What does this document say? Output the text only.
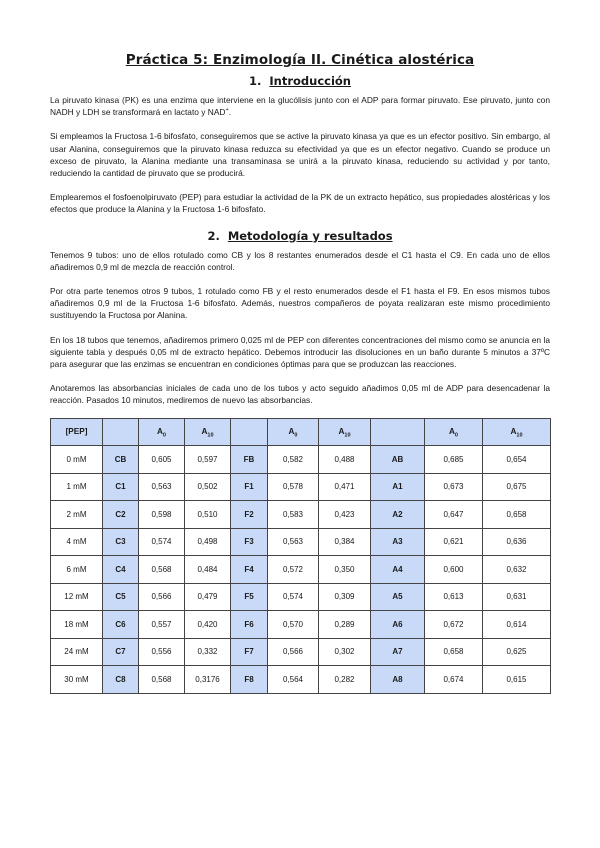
Práctica 5: Enzimología II. Cinética alostérica
1. Introducción

La piruvato kinasa (PK) es una enzima que interviene en la glucólisis junto con el ADP para formar piruvato. Ese piruvato, junto con NADH y LDH se transformará en lactato y NAD+.

Si empleamos la Fructosa 1-6 bifosfato, conseguiremos que se active la piruvato kinasa ya que es un efector positivo. Sin embargo, al usar Alanina, conseguiremos que la piruvato kinasa reduzca su efectividad ya que es un efector negativo. Cuando se produce un exceso de piruvato, la Alanina mediante una transaminasa se unirá a la piruvato kinasa, reduciendo su actividad y por tanto, reduciendo la cantidad de piruvato que se producirá.

Emplearemos el fosfoenolpiruvato (PEP) para estudiar la actividad de la PK de un extracto hepático, sus propiedades alostéricas y los efectos que produce la Alanina y la Fructosa 1-6 bifosfato.

2. Metodología y resultados

Tenemos 9 tubos: uno de ellos rotulado como CB y los 8 restantes enumerados desde el C1 hasta el C9. En cada uno de ellos añadiremos 0,9 ml de mezcla de reacción control.

Por otra parte tenemos otros 9 tubos, 1 rotulado como FB y el resto enumerados desde el F1 hasta el F9. En esos mismos tubos añadiremos 0,9 ml de la Fructosa 1-6 bifosfato. Además, nuestros compañeros de poyata realizaran este mismo procedimiento sustituyendo la Fructosa por Alanina.

En los 18 tubos que tenemos, añadiremos primero 0,025 ml de PEP con diferentes concentraciones del mismo como se anuncia en la siguiente tabla y después 0,05 ml de extracto hepático. Debemos introducir las disoluciones en un baño durante 5 minutos a 37ºC para asegurar que las enzimas se encuentran en condiciones óptimas para que se produzcan las reacciones.

Anotaremos las absorbancias iniciales de cada uno de los tubos y acto seguido añadimos 0,05 ml de ADP para desencadenar la reacción. Pasados 10 minutos, mediremos de nuevo las absorbancias.

[PEP]		$A_0$	$A_{10}$		$A_0$	$A_{10}$		$A_0$	$A_{10}$
0 mM	CB	0,605	0,597	FB	0,582	0,488	AB	0,685	0,654
1 mM	C1	0,563	0,502	F1	0,578	0,471	A1	0,673	0,675
2 mM	C2	0,598	0,510	F2	0,583	0,423	A2	0,647	0,658
4 mM	C3	0,574	0,498	F3	0,563	0,384	A3	0,621	0,636
6 mM	C4	0,568	0,484	F4	0,572	0,350	A4	0,600	0,632
12 mM	C5	0,566	0,479	F5	0,574	0,309	A5	0,613	0,631
18 mM	C6	0,557	0,420	F6	0,570	0,289	A6	0,672	0,614
24 mM	C7	0,556	0,332	F7	0,566	0,302	A7	0,658	0,625
30 mM	C8	0,568	0,3176	F8	0,564	0,282	A8	0,674	0,615
